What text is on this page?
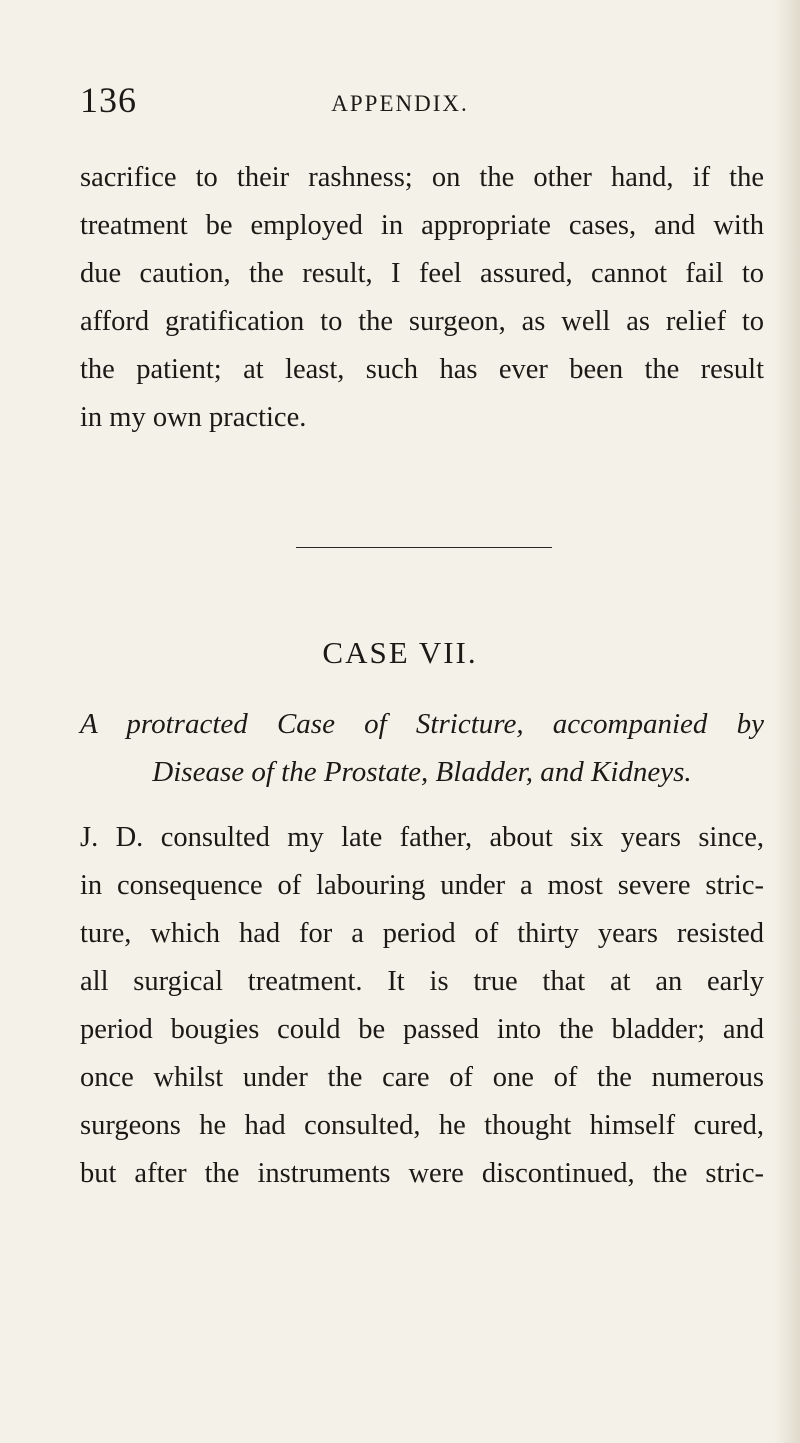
136	APPENDIX.
sacrifice to their rashness; on the other hand, if the
treatment be employed in appropriate cases, and with
due caution, the result, I feel assured, cannot fail to
afford gratification to the surgeon, as well as relief to
the patient; at least, such has ever been the result
in my own practice.
CASE VII.
A protracted Case of Stricture, accompanied by
Disease of the Prostate, Bladder, and Kidneys.
J. D. consulted my late father, about six years since,
in consequence of labouring under a most severe stric-
ture, which had for a period of thirty years resisted
all surgical treatment. It is true that at an early
period bougies could be passed into the bladder; and
once whilst under the care of one of the numerous
surgeons he had consulted, he thought himself cured,
but after the instruments were discontinued, the stric-
